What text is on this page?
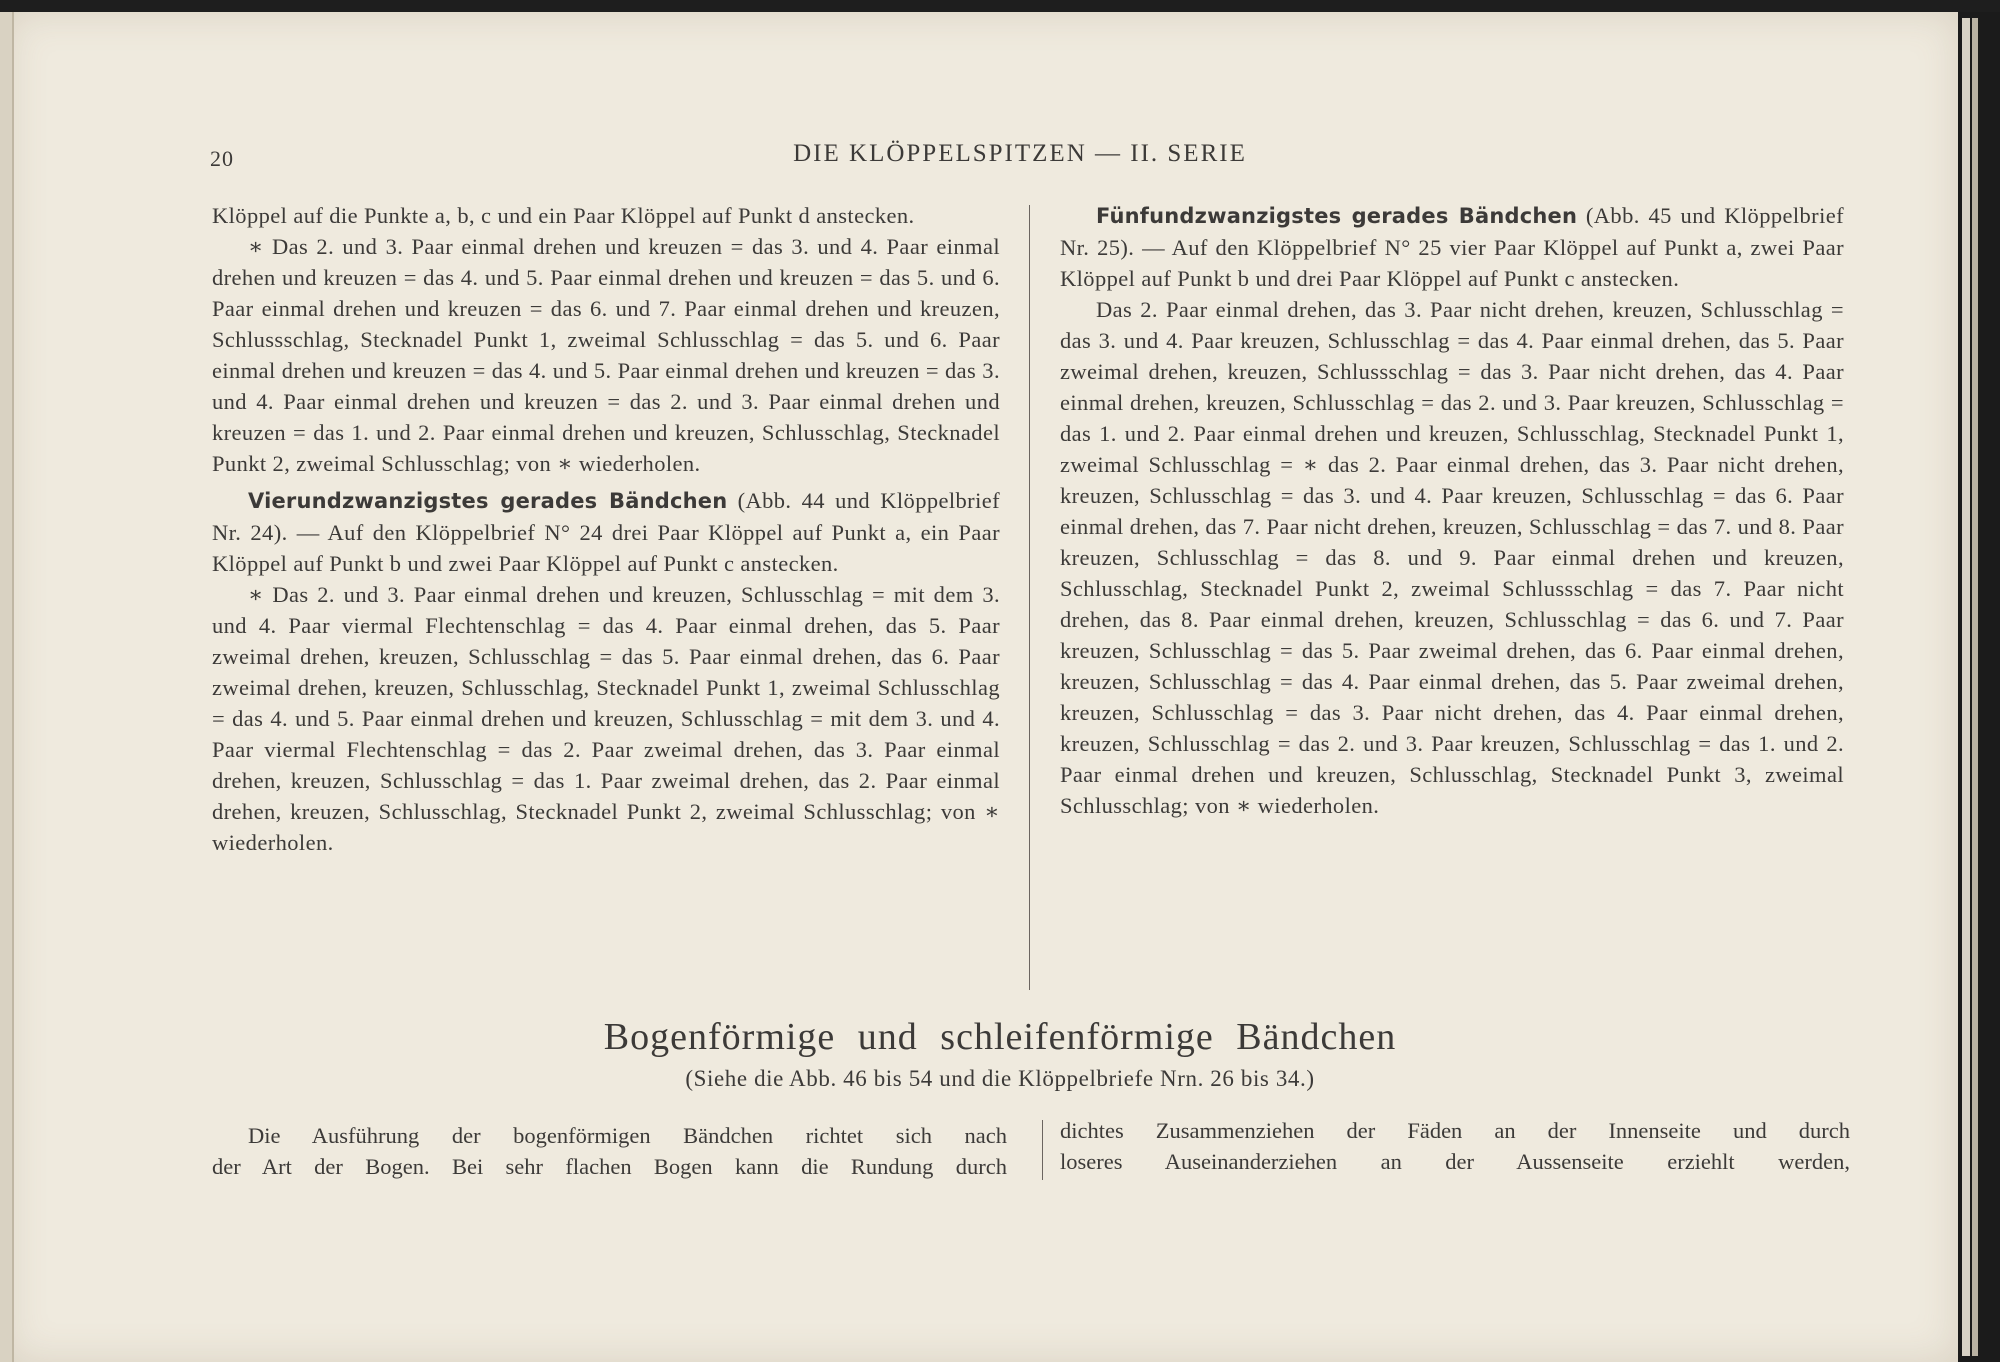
20	DIE KLÖPPELSPITZEN — II. SERIE

Klöppel auf die Punkte a, b, c und ein Paar Klöppel auf Punkt d anstecken.

∗ Das 2. und 3. Paar einmal drehen und kreuzen = das 3. und 4. Paar einmal drehen und kreuzen = das 4. und 5. Paar einmal drehen und kreuzen = das 5. und 6. Paar einmal drehen und kreuzen = das 6. und 7. Paar einmal drehen und kreuzen, Schlussschlag, Stecknadel Punkt 1, zweimal Schlusschlag = das 5. und 6. Paar einmal drehen und kreuzen = das 4. und 5. Paar einmal drehen und kreuzen = das 3. und 4. Paar einmal drehen und kreuzen = das 2. und 3. Paar einmal drehen und kreuzen = das 1. und 2. Paar einmal drehen und kreuzen, Schlusschlag, Stecknadel Punkt 2, zweimal Schlusschlag; von ∗ wiederholen.

Vierundzwanzigstes gerades Bändchen (Abb. 44 und Klöppelbrief Nr. 24). — Auf den Klöppelbrief N° 24 drei Paar Klöppel auf Punkt a, ein Paar Klöppel auf Punkt b und zwei Paar Klöppel auf Punkt c anstecken.

∗ Das 2. und 3. Paar einmal drehen und kreuzen, Schlusschlag = mit dem 3. und 4. Paar viermal Flechtenschlag = das 4. Paar einmal drehen, das 5. Paar zweimal drehen, kreuzen, Schlusschlag = das 5. Paar einmal drehen, das 6. Paar zweimal drehen, kreuzen, Schlusschlag, Stecknadel Punkt 1, zweimal Schlusschlag = das 4. und 5. Paar einmal drehen und kreuzen, Schlusschlag = mit dem 3. und 4. Paar viermal Flechtenschlag = das 2. Paar zweimal drehen, das 3. Paar einmal drehen, kreuzen, Schlusschlag = das 1. Paar zweimal drehen, das 2. Paar einmal drehen, kreuzen, Schlusschlag, Stecknadel Punkt 2, zweimal Schlusschlag; von ∗ wiederholen.

Fünfundzwanzigstes gerades Bändchen (Abb. 45 und Klöppelbrief Nr. 25). — Auf den Klöppelbrief N° 25 vier Paar Klöppel auf Punkt a, zwei Paar Klöppel auf Punkt b und drei Paar Klöppel auf Punkt c anstecken.

Das 2. Paar einmal drehen, das 3. Paar nicht drehen, kreuzen, Schlusschlag = das 3. und 4. Paar kreuzen, Schlusschlag = das 4. Paar einmal drehen, das 5. Paar zweimal drehen, kreuzen, Schlussschlag = das 3. Paar nicht drehen, das 4. Paar einmal drehen, kreuzen, Schlusschlag = das 2. und 3. Paar kreuzen, Schlusschlag = das 1. und 2. Paar einmal drehen und kreuzen, Schlusschlag, Stecknadel Punkt 1, zweimal Schlusschlag = ∗ das 2. Paar einmal drehen, das 3. Paar nicht drehen, kreuzen, Schlusschlag = das 3. und 4. Paar kreuzen, Schlusschlag = das 6. Paar einmal drehen, das 7. Paar nicht drehen, kreuzen, Schlusschlag = das 7. und 8. Paar kreuzen, Schlusschlag = das 8. und 9. Paar einmal drehen und kreuzen, Schlusschlag, Stecknadel Punkt 2, zweimal Schlussschlag = das 7. Paar nicht drehen, das 8. Paar einmal drehen, kreuzen, Schlusschlag = das 6. und 7. Paar kreuzen, Schlusschlag = das 5. Paar zweimal drehen, das 6. Paar einmal drehen, kreuzen, Schlusschlag = das 4. Paar einmal drehen, das 5. Paar zweimal drehen, kreuzen, Schlusschlag = das 3. Paar nicht drehen, das 4. Paar einmal drehen, kreuzen, Schlusschlag = das 2. und 3. Paar kreuzen, Schlusschlag = das 1. und 2. Paar einmal drehen und kreuzen, Schlusschlag, Stecknadel Punkt 3, zweimal Schlusschlag; von ∗ wiederholen.

Bogenförmige und schleifenförmige Bändchen
(Siehe die Abb. 46 bis 54 und die Klöppelbriefe Nrn. 26 bis 34.)

Die Ausführung der bogenförmigen Bändchen richtet sich nach

der Art der Bogen. Bei sehr flachen Bogen kann die Rundung durch

dichtes Zusammenziehen der Fäden an der Innenseite und durch

loseres Auseinanderziehen an der Aussenseite erziehlt werden,
